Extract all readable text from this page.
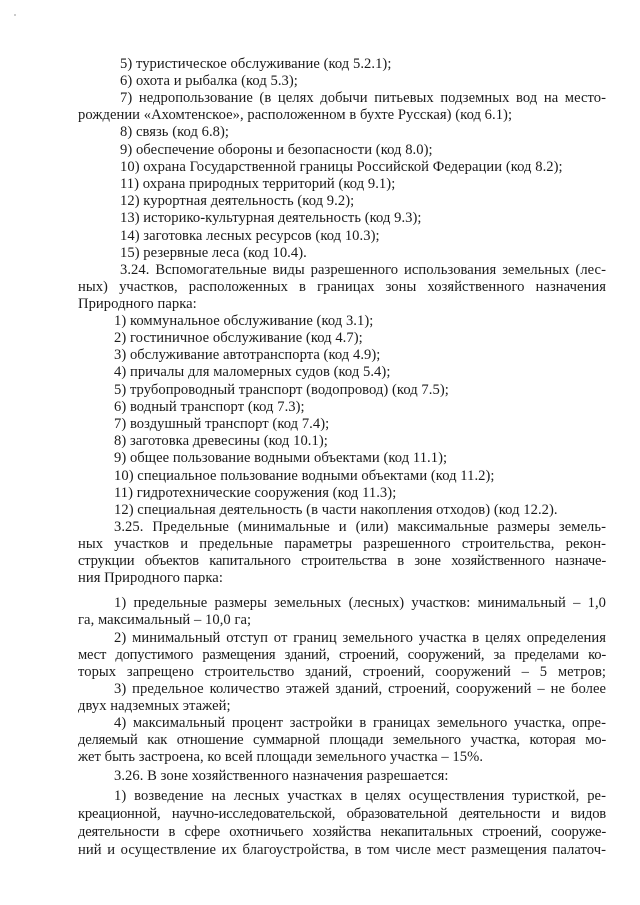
5) туристическое обслуживание (код 5.2.1);
6) охота и рыбалка (код 5.3);
7) недропользование (в целях добычи питьевых подземных вод на место-
рождении «Ахомтенское», расположенном в бухте Русская) (код 6.1);
8) связь (код 6.8);
9) обеспечение обороны и безопасности (код 8.0);
10) охрана Государственной границы Российской Федерации (код 8.2);
11) охрана природных территорий (код 9.1);
12) курортная деятельность (код 9.2);
13) историко-культурная деятельность (код 9.3);
14) заготовка лесных ресурсов (код 10.3);
15) резервные леса (код 10.4).
3.24. Вспомогательные виды разрешенного использования земельных (лес-
ных) участков, расположенных в границах зоны хозяйственного назначения
Природного парка:
1) коммунальное обслуживание (код 3.1);
2) гостиничное обслуживание (код 4.7);
3) обслуживание автотранспорта (код 4.9);
4) причалы для маломерных судов (код 5.4);
5) трубопроводный транспорт (водопровод) (код 7.5);
6) водный транспорт (код 7.3);
7) воздушный транспорт (код 7.4);
8) заготовка древесины (код 10.1);
9) общее пользование водными объектами (код 11.1);
10) специальное пользование водными объектами (код 11.2);
11) гидротехнические сооружения (код 11.3);
12) специальная деятельность (в части накопления отходов) (код 12.2).
3.25. Предельные (минимальные и (или) максимальные размеры земель-
ных участков и предельные параметры разрешенного строительства, рекон-
струкции объектов капитального строительства в зоне хозяйственного назначе-
ния Природного парка:
1) предельные размеры земельных (лесных) участков: минимальный – 1,0
га, максимальный – 10,0 га;
2) минимальный отступ от границ земельного участка в целях определения
мест допустимого размещения зданий, строений, сооружений, за пределами ко-
торых запрещено строительство зданий, строений, сооружений – 5 метров;
3) предельное количество этажей зданий, строений, сооружений – не более
двух надземных этажей;
4) максимальный процент застройки в границах земельного участка, опре-
деляемый как отношение суммарной площади земельного участка, которая мо-
жет быть застроена, ко всей площади земельного участка – 15%.
3.26. В зоне хозяйственного назначения разрешается:
1) возведение на лесных участках в целях осуществления туристкой, ре-
креационной, научно-исследовательской, образовательной деятельности и видов
деятельности в сфере охотничьего хозяйства некапитальных строений, сооруже-
ний и осуществление их благоустройства, в том числе мест размещения палаточ-
